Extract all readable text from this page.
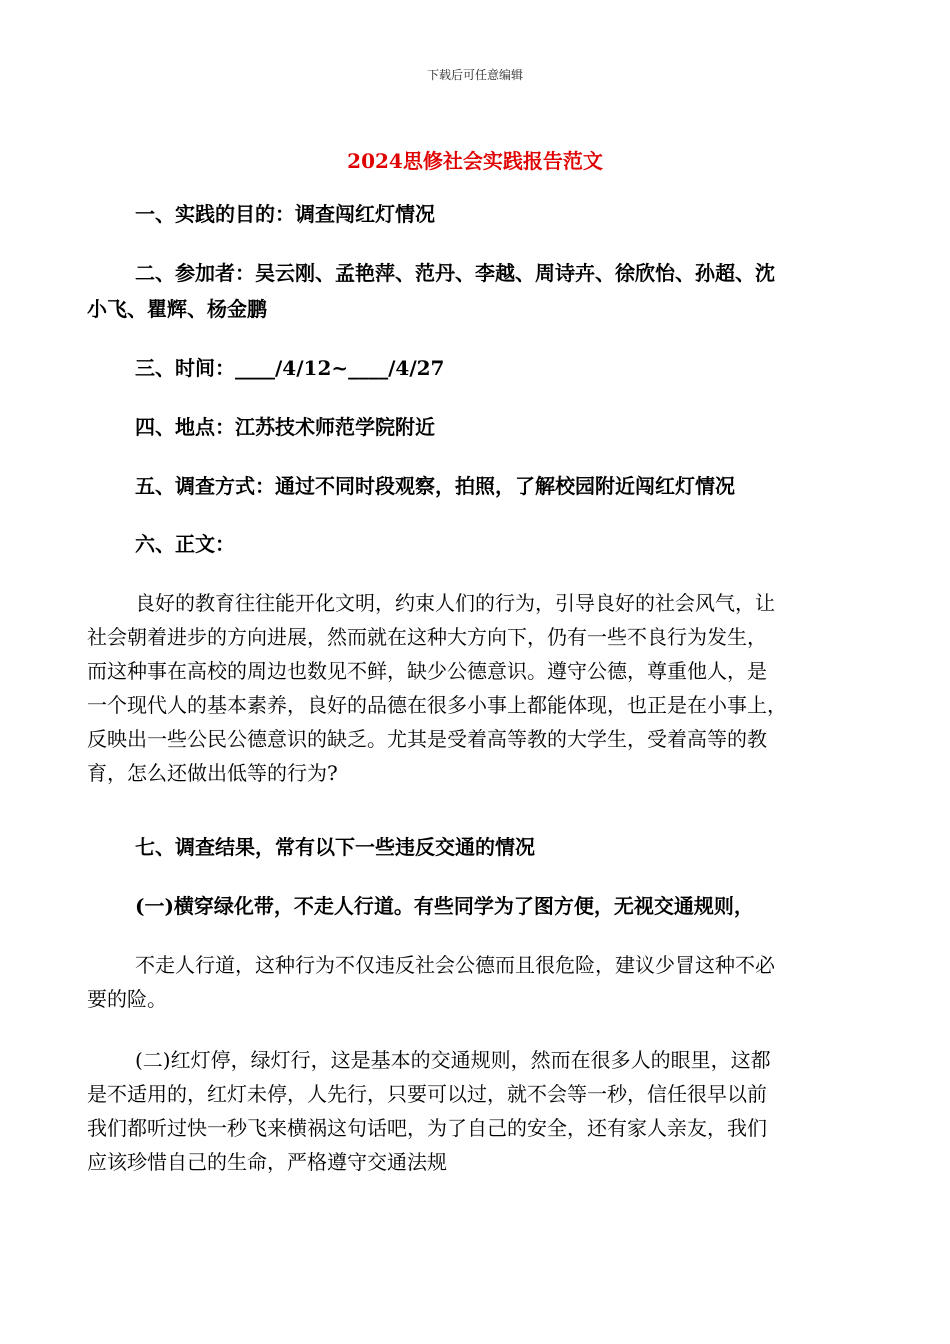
下载后可任意编辑
2024思修社会实践报告范文
一、实践的目的：调查闯红灯情况
二、参加者：吴云刚、孟艳萍、范丹、李越、周诗卉、徐欣怡、孙超、沈
小飞、瞿辉、杨金鹏
三、时间：____/4/12~____/4/27
四、地点：江苏技术师范学院附近
五、调查方式：通过不同时段观察，拍照，了解校园附近闯红灯情况
六、正文：
良好的教育往往能开化文明，约束人们的行为，引导良好的社会风气，让
社会朝着进步的方向进展，然而就在这种大方向下，仍有一些不良行为发生，
而这种事在高校的周边也数见不鲜，缺少公德意识。遵守公德，尊重他人，是
一个现代人的基本素养，良好的品德在很多小事上都能体现，也正是在小事上，
反映出一些公民公德意识的缺乏。尤其是受着高等教的大学生，受着高等的教
育，怎么还做出低等的行为?
七、调查结果，常有以下一些违反交通的情况
(一)横穿绿化带，不走人行道。有些同学为了图方便，无视交通规则，
不走人行道，这种行为不仅违反社会公德而且很危险，建议少冒这种不必
要的险。
(二)红灯停，绿灯行，这是基本的交通规则，然而在很多人的眼里，这都
是不适用的，红灯未停，人先行，只要可以过，就不会等一秒，信任很早以前
我们都听过快一秒飞来横祸这句话吧，为了自己的安全，还有家人亲友，我们
应该珍惜自己的生命，严格遵守交通法规
